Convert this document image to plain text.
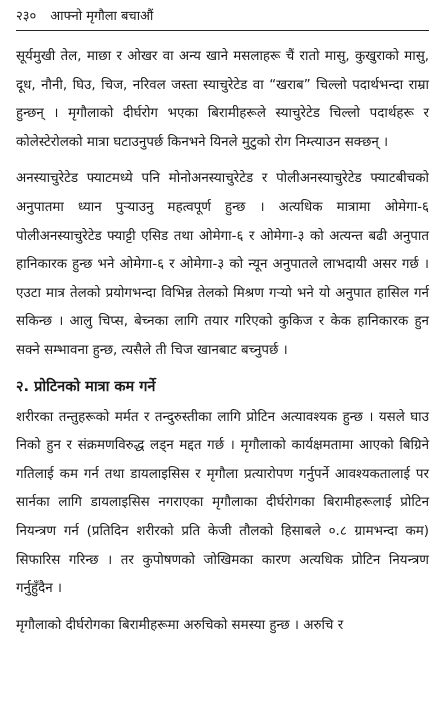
२३० आफ्नो मृगौला बचाऔं

सूर्यमुखी तेल, माछा र ओखर वा अन्य खाने मसलाहरू चैं रातो मासु, कुखुराको मासु, दूध, नौनी, घिउ, चिज, नरिवल जस्ता स्याचुरेटेड वा “खराब” चिल्लो पदार्थभन्दा राम्रा हुन्छन् । मृगौलाको दीर्घरोग भएका बिरामीहरूले स्याचुरेटेड चिल्लो पदार्थहरू र कोलेस्टेरोलको मात्रा घटाउनुपर्छ किनभने यिनले मुटुको रोग निम्त्याउन सक्छन् ।

अनस्याचुरेटेड फ्याटमध्ये पनि मोनोअनस्याचुरेटेड र पोलीअनस्याचुरेटेड फ्याटबीचको अनुपातमा ध्यान पुऱ्याउनु महत्वपूर्ण हुन्छ । अत्यधिक मात्रामा ओमेगा-६ पोलीअनस्याचुरेटेड फ्याट्टी एसिड तथा ओमेगा-६ र ओमेगा-३ को अत्यन्त बढी अनुपात हानिकारक हुन्छ भने ओमेगा-६ र ओमेगा-३ को न्यून अनुपातले लाभदायी असर गर्छ । एउटा मात्र तेलको प्रयोगभन्दा विभिन्न तेलको मिश्रण गऱ्यो भने यो अनुपात हासिल गर्न सकिन्छ । आलु चिप्स, बेच्नका लागि तयार गरिएको कुकिज र केक हानिकारक हुन सक्ने सम्भावना हुन्छ, त्यसैले ती चिज खानबाट बच्नुपर्छ ।

२. प्रोटिनको मात्रा कम गर्ने

शरीरका तन्तुहरूको मर्मत र तन्दुरुस्तीका लागि प्रोटिन अत्यावश्यक हुन्छ । यसले घाउ निको हुन र संक्रमणविरुद्ध लड्न मद्दत गर्छ । मृगौलाको कार्यक्षमतामा आएको बिग्रिने गतिलाई कम गर्न तथा डायलाइसिस र मृगौला प्रत्यारोपण गर्नुपर्ने आवश्यकतालाई पर सार्नका लागि डायलाइसिस नगराएका मृगौलाका दीर्घरोगका बिरामीहरूलाई प्रोटिन नियन्त्रण गर्न (प्रतिदिन शरीरको प्रति केजी तौलको हिसाबले ०.८ ग्रामभन्दा कम) सिफारिस गरिन्छ । तर कुपोषणको जोखिमका कारण अत्यधिक प्रोटिन नियन्त्रण गर्नुहुँदैन ।

मृगौलाको दीर्घरोगका बिरामीहरूमा अरुचिको समस्या हुन्छ । अरुचि र
